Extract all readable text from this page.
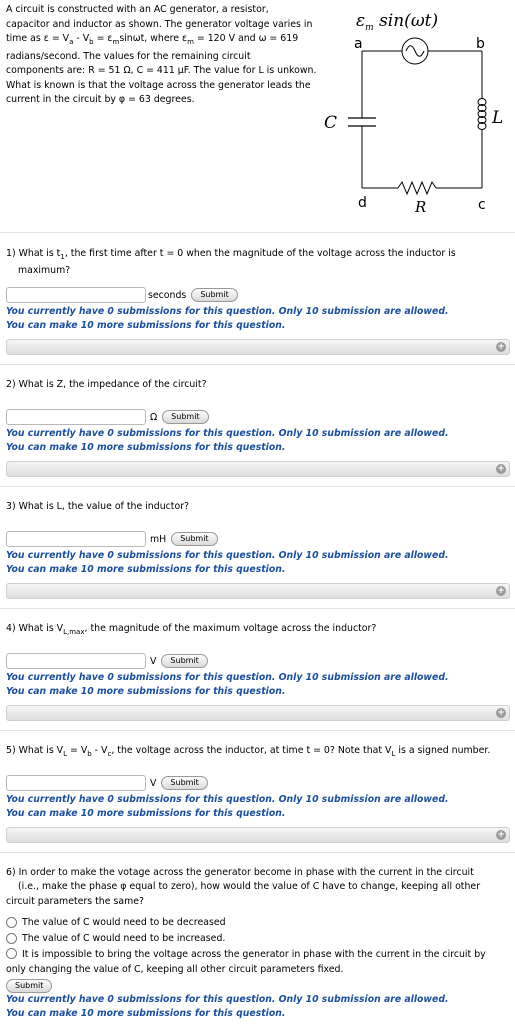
A circuit is constructed with an AC generator, a resistor,
capacitor and inductor as shown. The generator voltage varies in
time as $\varepsilon = V_a - V_b = \varepsilon_m\sin\omega t$, where $\varepsilon_m = 120$ V and ω = 619
radians/second. The values for the remaining circuit
components are: R = 51 Ω, C = 411 μF. The value for L is unkown.
What is known is that the voltage across the generator leads the
current in the circuit by φ = 63 degrees.
$\varepsilon_m$ sin(ωt)
a	b
C	L
R
d	c
1) What is $t_1$, the first time after t = 0 when the magnitude of the voltage across the inductor is
maximum?
seconds	Submit
You currently have 0 submissions for this question. Only 10 submission are allowed.
You can make 10 more submissions for this question.
+
2) What is Z, the impedance of the circuit?
Ω	Submit
You currently have 0 submissions for this question. Only 10 submission are allowed.
You can make 10 more submissions for this question.
+
3) What is L, the value of the inductor?
mH	Submit
You currently have 0 submissions for this question. Only 10 submission are allowed.
You can make 10 more submissions for this question.
+
4) What is $V_{L,max}$, the magnitude of the maximum voltage across the inductor?
V	Submit
You currently have 0 submissions for this question. Only 10 submission are allowed.
You can make 10 more submissions for this question.
+
5) What is $V_L = V_b - V_c$, the voltage across the inductor, at time t = 0? Note that $V_L$ is a signed number.
V	Submit
You currently have 0 submissions for this question. Only 10 submission are allowed.
You can make 10 more submissions for this question.
+
6) In order to make the votage across the generator become in phase with the current in the circuit
(i.e., make the phase φ equal to zero), how would the value of C have to change, keeping all other
circuit parameters the same?
The value of C would need to be decreased
The value of C would need to be increased.
It is impossible to bring the voltage across the generator in phase with the current in the circuit by only changing the value of C, keeping all other circuit parameters fixed.
Submit
You currently have 0 submissions for this question. Only 10 submission are allowed.
You can make 10 more submissions for this question.
